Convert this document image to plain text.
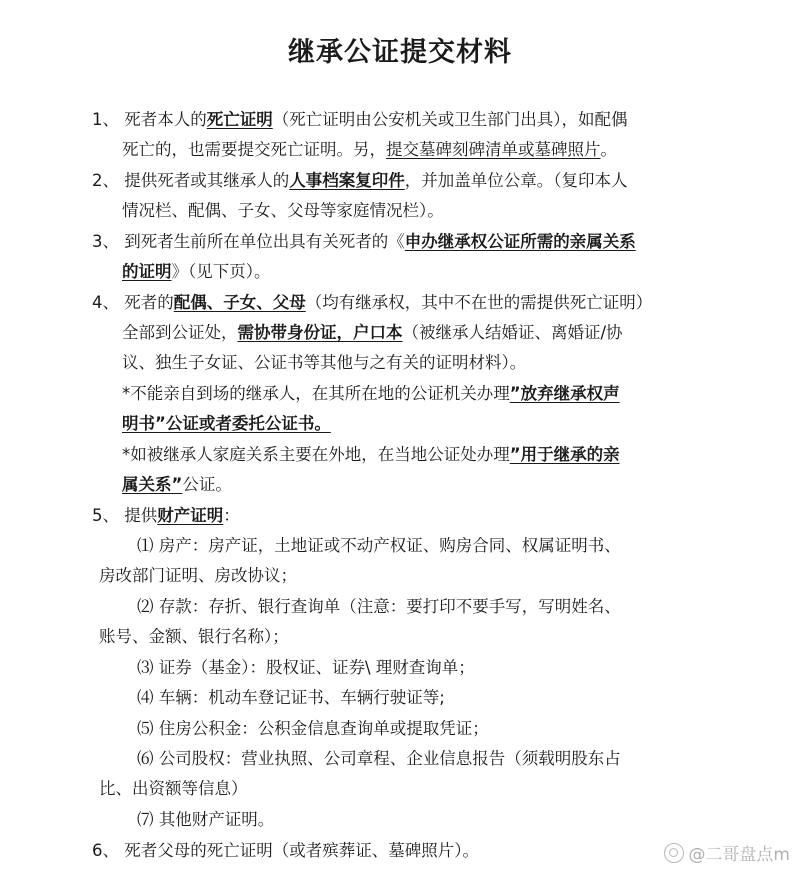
继承公证提交材料
1、 死者本人的死亡证明（死亡证明由公安机关或卫生部门出具），如配偶
死亡的，也需要提交死亡证明。另，提交墓碑刻碑清单或墓碑照片。
2、 提供死者或其继承人的人事档案复印件，并加盖单位公章。（复印本人
情况栏、配偶、子女、父母等家庭情况栏）。
3、 到死者生前所在单位出具有关死者的《申办继承权公证所需的亲属关系
的证明》（见下页）。
4、 死者的配偶、子女、父母（均有继承权，其中不在世的需提供死亡证明）
全部到公证处，需协带身份证，户口本（被继承人结婚证、离婚证/协
议、独生子女证、公证书等其他与之有关的证明材料）。
*不能亲自到场的继承人，在其所在地的公证机关办理”放弃继承权声
明书”公证或者委托公证书。
*如被继承人家庭关系主要在外地，在当地公证处办理”用于继承的亲
属关系”公证。
5、 提供财产证明：
⑴ 房产：房产证，土地证或不动产权证、购房合同、权属证明书、
房改部门证明、房改协议；
⑵ 存款：存折、银行查询单（注意：要打印不要手写，写明姓名、
账号、金额、银行名称）；
⑶ 证券（基金）：股权证、证券\ 理财查询单；
⑷ 车辆：机动车登记证书、车辆行驶证等;
⑸ 住房公积金：公积金信息查询单或提取凭证；
⑹ 公司股权：营业执照、公司章程、企业信息报告（须载明股东占
比、出资额等信息）
⑺ 其他财产证明。
6、 死者父母的死亡证明（或者殡葬证、墓碑照片）。	@二哥盘点m
